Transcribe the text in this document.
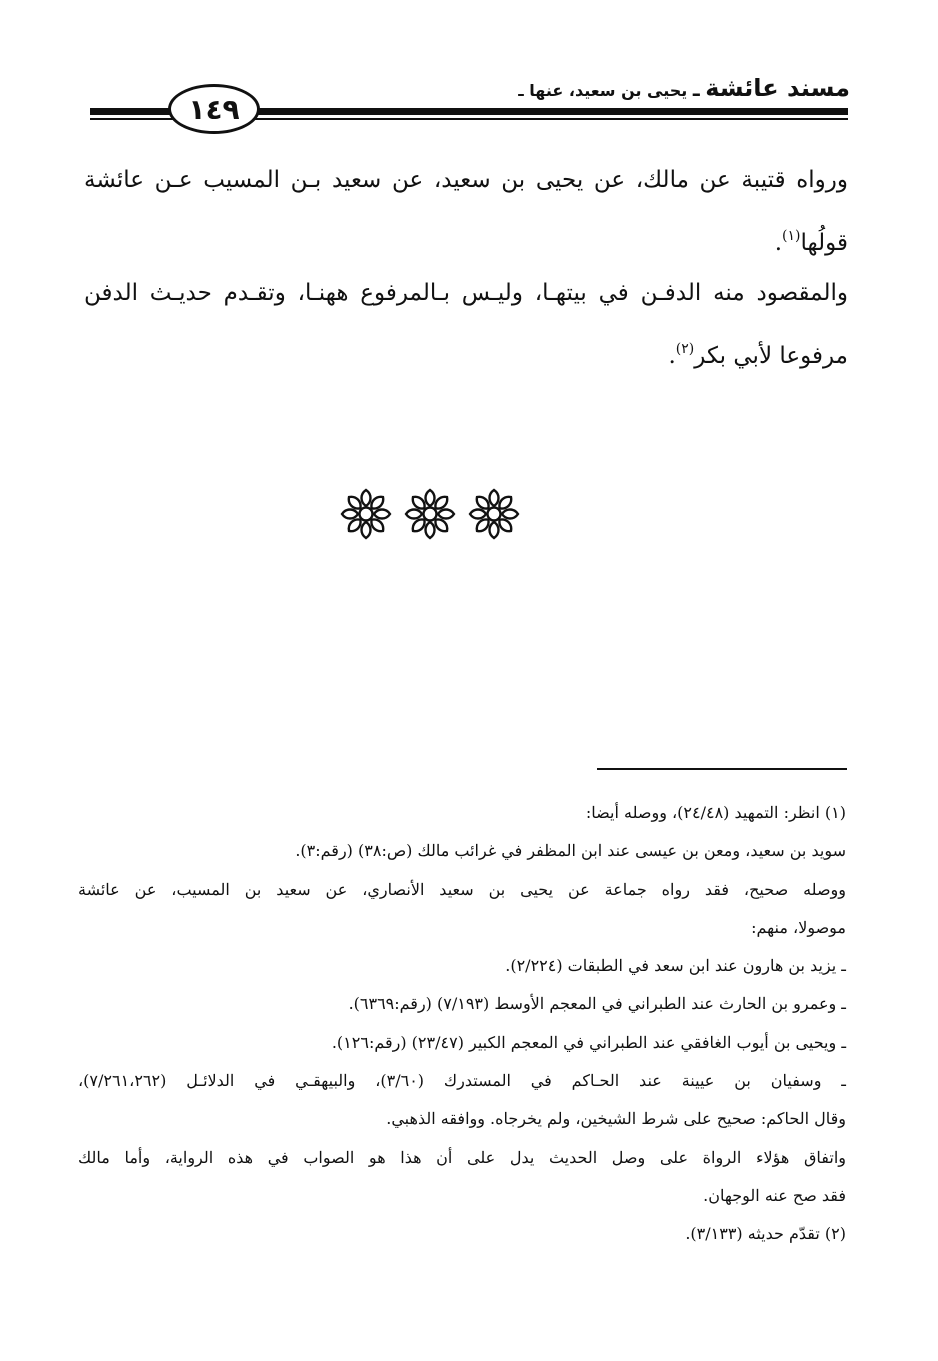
مسند عائشة ـ يحيى بن سعيد، عنها ـ
١٤٩
ورواه قتيبة عن مالك، عن يحيى بن سعيد، عن سعيد بـن المسيب عـن عائشة قولُها$^{(١)}$.
والمقصود منه الدفـن في بيتهـا، وليـس بـالمرفوع ههنـا، وتقـدم حديـث الدفن مرفوعا لأبي بكر$^{(٢)}$.
(١) انظر: التمهيد (٢٤/٤٨)، ووصله أيضا:
سويد بن سعيد، ومعن بن عيسى عند ابن المظفر في غرائب مالك (ص:٣٨) (رقم:٣).
ووصله صحيح، فقد رواه جماعة عن يحيى بن سعيد الأنصاري، عن سعيد بن المسيب، عن عائشة
موصولا، منهم:
ـ يزيد بن هارون عند ابن سعد في الطبقات (٢/٢٢٤).
ـ وعمرو بن الحارث عند الطبراني في المعجم الأوسط (٧/١٩٣) (رقم:٦٣٦٩).
ـ ويحيى بن أيوب الغافقي عند الطبراني في المعجم الكبير (٢٣/٤٧) (رقم:١٢٦).
ـ وسفيان بن عيينة عند الحـاكم في المستدرك (٣/٦٠)، والبيهقـي في الدلائـل (٧/٢٦١،٢٦٢)،
وقال الحاكم: صحيح على شرط الشيخين، ولم يخرجاه. ووافقه الذهبي.
واتفاق هؤلاء الرواة على وصل الحديث يدل على أن هذا هو الصواب في هذه الرواية، وأما مالك
فقد صح عنه الوجهان.
(٢) تقدّم حديثه (٣/١٣٣).
